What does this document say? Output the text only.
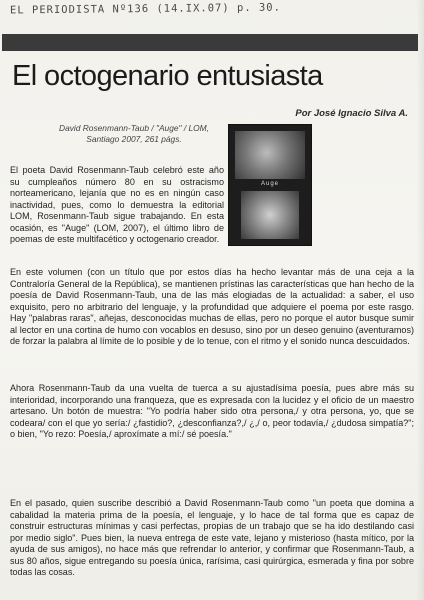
EL PERIODISTA Nº136 (14.IX.07) p. 30.
El octogenario entusiasta
Por José Ignacio Silva A.
David Rosenmann-Taub / "Auge" / LOM,
Santiago 2007, 261 págs.
Auge

El poeta David Rosenmann-Taub celebró este año su cumpleaños número 80 en su ostracismo norteamericano, lejanía que no es en ningún caso inactividad, pues, como lo demuestra la editorial LOM, Rosenmann-Taub sigue trabajando. En esta ocasión, es "Auge" (LOM, 2007), el último libro de poemas de este multifacético y octogenario creador.

En este volumen (con un título que por estos días ha hecho levantar más de una ceja a la Contraloría General de la República), se mantienen prístinas las características que han hecho de la poesía de David Rosenmann-Taub, una de las más elogiadas de la actualidad: a saber, el uso exquisito, pero no arbitrario del lenguaje, y la profundidad que adquiere el poema por este rasgo. Hay "palabras raras", añejas, desconocidas muchas de ellas, pero no porque el autor busque sumir al lector en una cortina de humo con vocablos en desuso, sino por un deseo genuino (aventuramos) de forzar la palabra al límite de lo posible y de lo tenue, con el ritmo y el sonido nunca descuidados.

Ahora Rosenmann-Taub da una vuelta de tuerca a su ajustadísima poesía, pues abre más su interioridad, incorporando una franqueza, que es expresada con la lucidez y el oficio de un maestro artesano. Un botón de muestra: "Yo podría haber sido otra persona,/ y otra persona, yo, que se codeara/ con el que yo sería:/ ¿fastidio?, ¿desconfianza?,/ ¿,/ o, peor todavía,/ ¿dudosa simpatía?"; o bien, "Yo rezo: Poesía,/ aproxímate a mí:/ sé poesía."

En el pasado, quien suscribe describió a David Rosenmann-Taub como "un poeta que domina a cabalidad la materia prima de la poesía, el lenguaje, y lo hace de tal forma que es capaz de construir estructuras mínimas y casi perfectas, propias de un trabajo que se ha ido destilando casi por medio siglo". Pues bien, la nueva entrega de este vate, lejano y misterioso (hasta mítico, por la ayuda de sus amigos), no hace más que refrendar lo anterior, y confirmar que Rosenmann-Taub, a sus 80 años, sigue entregando su poesía única, rarísima, casi quirúrgica, esmerada y fina por sobre todas las cosas.
